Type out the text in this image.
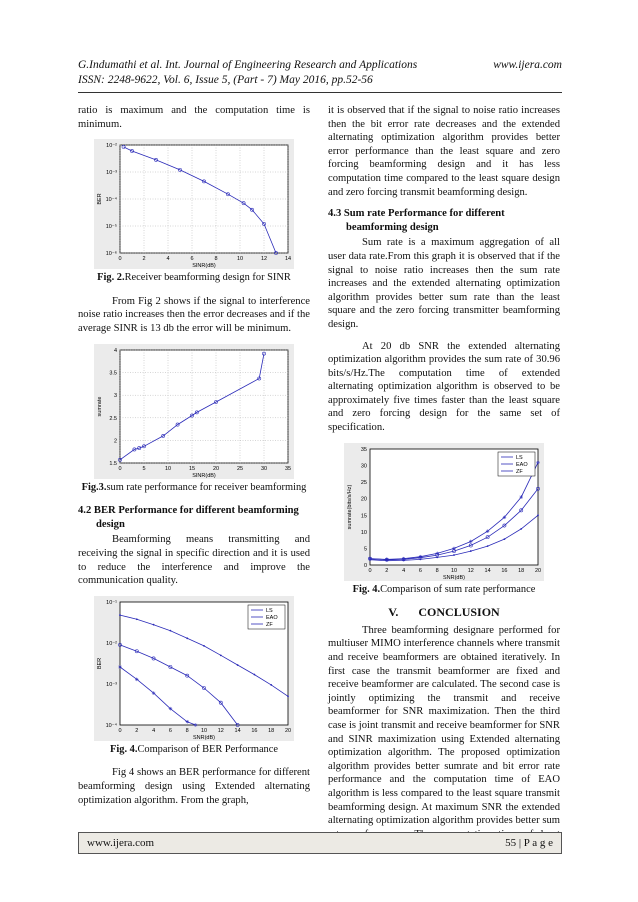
G.Indumathi et al. Int. Journal of Engineering Research and Applications	www.ijera.com
ISSN: 2248-9622, Vol. 6, Issue 5, (Part - 7) May 2016, pp.52-56

ratio is maximum and the computation time is minimum.

0	2	4	6	8	10	12	14
10⁻²
10⁻³
10⁻⁴
10⁻⁵
10⁻⁶
SINR(dB)
BER
Fig. 2.Receiver beamforming design for SINR

From Fig 2 shows if the signal to interference noise ratio increases then the error decreases and if the average SINR is 13 db the error will be minimum.

0	5	10	15	20	25	30	35
1.5
2
2.5
3
3.5
4
SINR(dB)
sumrate
Fig.3.sum rate performance for receiver beamforming
4.2 BER Performance for different beamforming
design

Beamforming means transmitting and receiving the signal in specific direction and it is used to reduce the interference and improve the communication quality.

0 2 4 6 8 10 12 14 16 18 20
10⁻¹
10⁻²
10⁻³
10⁻⁴
SNR(dB)
BER
LS
EAO
ZF
Fig. 4.Comparison of BER Performance

Fig 4 shows an BER performance for different beamforming design using Extended alternating optimization algorithm. From the graph,

it is observed that if the signal to noise ratio increases then the bit error rate decreases and the extended alternating optimization algorithm provides better error performance than the least square and zero forcing beamforming design and it has less computation time compared to the least square design and zero forcing transmit beamforming design.

4.3 Sum rate Performance for different
beamforming design

Sum rate is a maximum aggregation of all user data rate.From this graph it is observed that if the signal to noise ratio increases then the sum rate increases and the extended alternating optimization algorithm provides better sum rate than the least square and the zero forcing transmitter beamforming design.

At 20 db SNR the extended alternating optimization algorithm provides the sum rate of 30.96 bits/s/Hz.The computation time of extended alternating optimization algorithm is observed to be approximately five times faster than the least square and zero forcing design for the same set of specification.

0 2 4 6 8 10 12 14 16 18 20
0
5
10
15
20
25
30
35
SNR(dB)
sumrate(bits/s/Hz)
LS
EAO
ZF
Fig. 4.Comparison of sum rate performance
V. CONCLUSION

Three beamforming designare performed for multiuser MIMO interference channels where transmit and receive beamformers are obtained iteratively. In first case the transmit beamformer are fixed and receive beamformer are calculated. The second case is jointly optimizing the transmit and receive beamformer for SNR maximization. Then the third case is joint transmit and receive beamformer for SNR and SINR maximization using Extended alternating optimization algorithm. The proposed optimization algorithm provides better sumrate and bit error rate performance and the computation time of EAO algorithm is less compared to the least square transmit beamforming design. At maximum SNR the extended alternating optimization algorithm provides better sum

www.ijera.com	55 | P a g e
